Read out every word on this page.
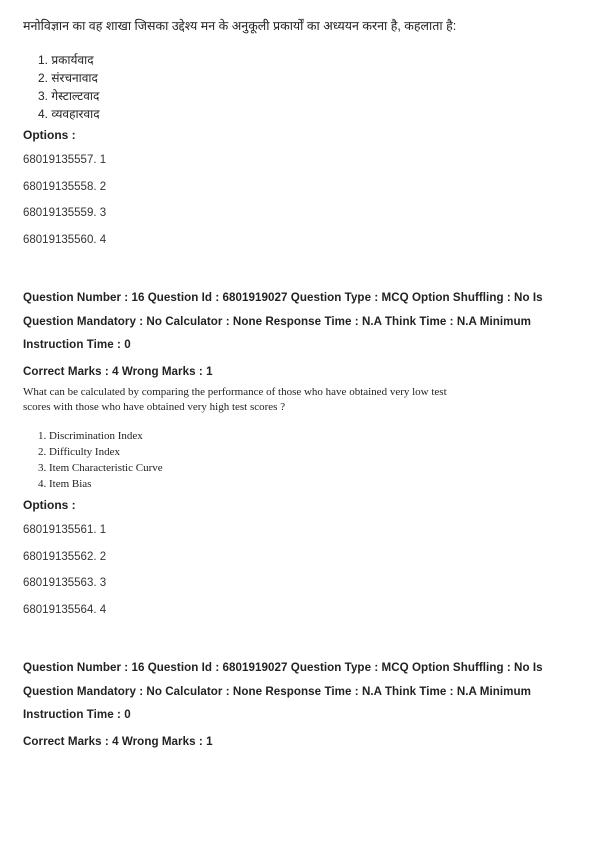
मनोविज्ञान का वह शाखा जिसका उद्देश्य मन के अनुकूली प्रकार्यों का अध्ययन करना है, कहलाता है:
1. प्रकार्यवाद
2. संरचनावाद
3. गेस्टाल्टवाद
4. व्यवहारवाद
Options :
68019135557. 1
68019135558. 2
68019135559. 3
68019135560. 4
Question Number : 16 Question Id : 6801919027 Question Type : MCQ Option Shuffling : No Is
Question Mandatory : No Calculator : None Response Time : N.A Think Time : N.A Minimum
Instruction Time : 0
Correct Marks : 4 Wrong Marks : 1
What can be calculated by comparing the performance of those who have obtained very low test
scores with those who have obtained very high test scores ?
1. Discrimination Index
2. Difficulty Index
3. Item Characteristic Curve
4. Item Bias
Options :
68019135561. 1
68019135562. 2
68019135563. 3
68019135564. 4
Question Number : 16 Question Id : 6801919027 Question Type : MCQ Option Shuffling : No Is
Question Mandatory : No Calculator : None Response Time : N.A Think Time : N.A Minimum
Instruction Time : 0
Correct Marks : 4 Wrong Marks : 1
